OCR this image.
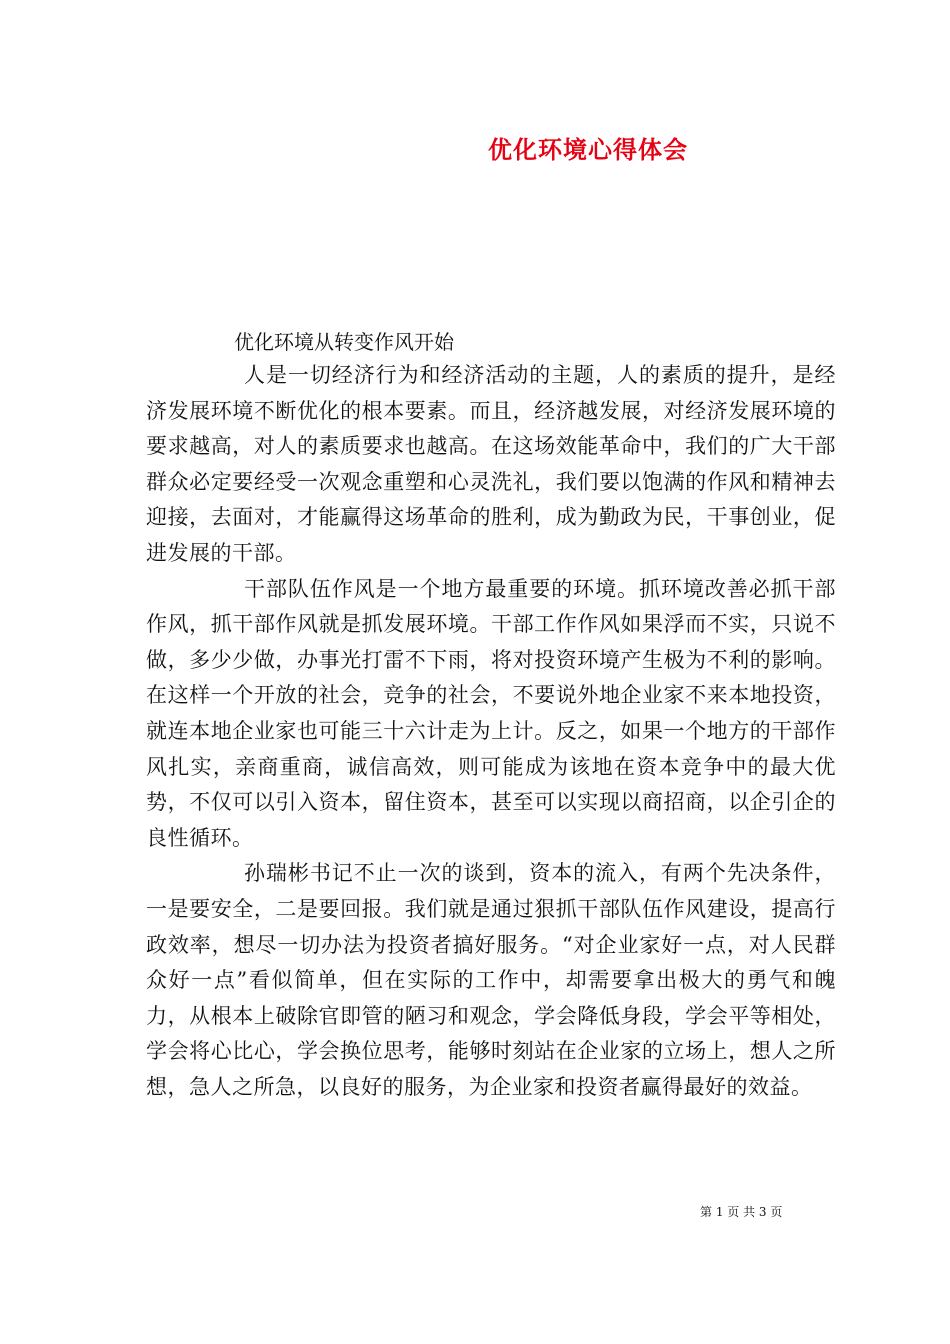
优化环境心得体会

优化环境从转变作风开始

人是一切经济行为和经济活动的主题，人的素质的提升，是经济发展环境不断优化的根本要素。而且，经济越发展，对经济发展环境的要求越高，对人的素质要求也越高。在这场效能革命中，我们的广大干部群众必定要经受一次观念重塑和心灵洗礼，我们要以饱满的作风和精神去迎接，去面对，才能赢得这场革命的胜利，成为勤政为民，干事创业，促进发展的干部。

干部队伍作风是一个地方最重要的环境。抓环境改善必抓干部作风，抓干部作风就是抓发展环境。干部工作作风如果浮而不实，只说不做，多少少做，办事光打雷不下雨，将对投资环境产生极为不利的影响。在这样一个开放的社会，竞争的社会，不要说外地企业家不来本地投资，就连本地企业家也可能三十六计走为上计。反之，如果一个地方的干部作风扎实，亲商重商，诚信高效，则可能成为该地在资本竞争中的最大优势，不仅可以引入资本，留住资本，甚至可以实现以商招商，以企引企的良性循环。

孙瑞彬书记不止一次的谈到，资本的流入，有两个先决条件，一是要安全，二是要回报。我们就是通过狠抓干部队伍作风建设，提高行政效率，想尽一切办法为投资者搞好服务。“对企业家好一点，对人民群众好一点”看似简单，但在实际的工作中，却需要拿出极大的勇气和魄力，从根本上破除官即管的陋习和观念，学会降低身段，学会平等相处，学会将心比心，学会换位思考，能够时刻站在企业家的立场上，想人之所想，急人之所急，以良好的服务，为企业家和投资者赢得最好的效益。

第 1 页 共 3 页
